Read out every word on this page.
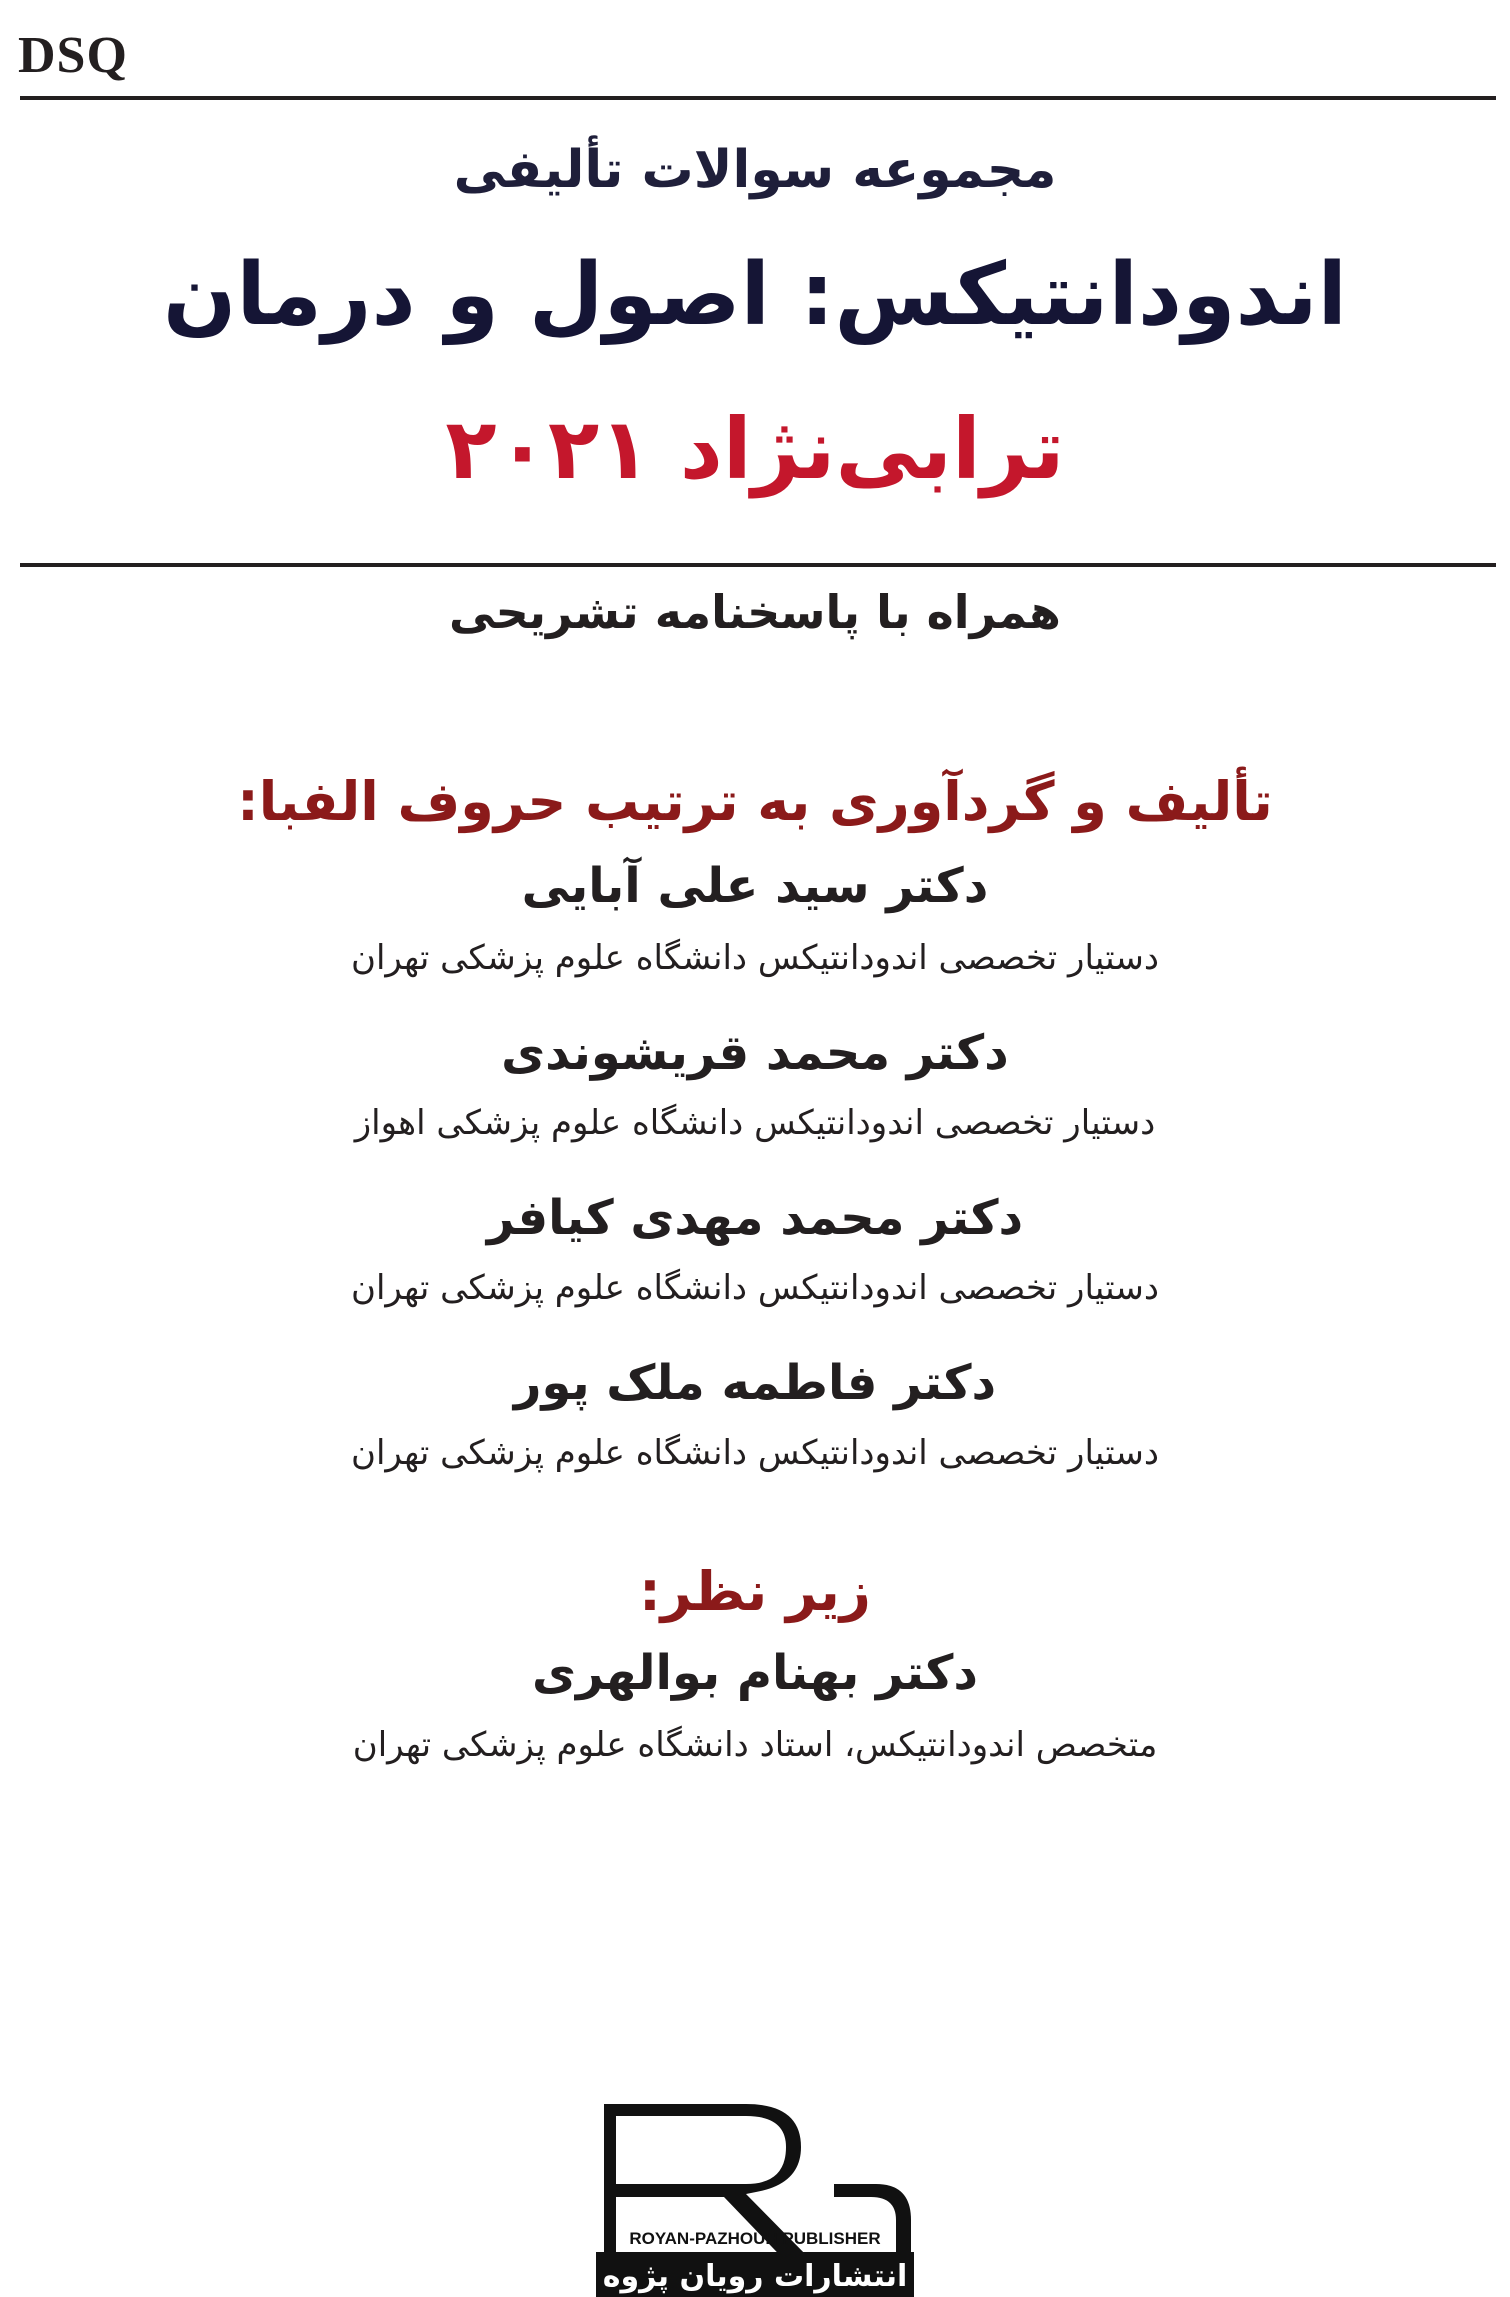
DSQ
مجموعه سوالات تألیفی
اندودانتیکس: اصول و درمان
ترابی‌نژاد ۲۰۲۱
همراه با پاسخنامه تشریحی
تألیف و گردآوری به ترتیب حروف الفبا:
دکتر سید علی آبایی
دستیار تخصصی اندودانتیکس دانشگاه علوم پزشکی تهران
دکتر محمد قریشوندی
دستیار تخصصی اندودانتیکس دانشگاه علوم پزشکی اهواز
دکتر محمد مهدی کیافر
دستیار تخصصی اندودانتیکس دانشگاه علوم پزشکی تهران
دکتر فاطمه ملک پور
دستیار تخصصی اندودانتیکس دانشگاه علوم پزشکی تهران
زیر نظر:
دکتر بهنام بوالهری
متخصص اندودانتیکس، استاد دانشگاه علوم پزشکی تهران
ROYAN-PAZHOUH PUBLISHER
انتشارات رویان پژوه
